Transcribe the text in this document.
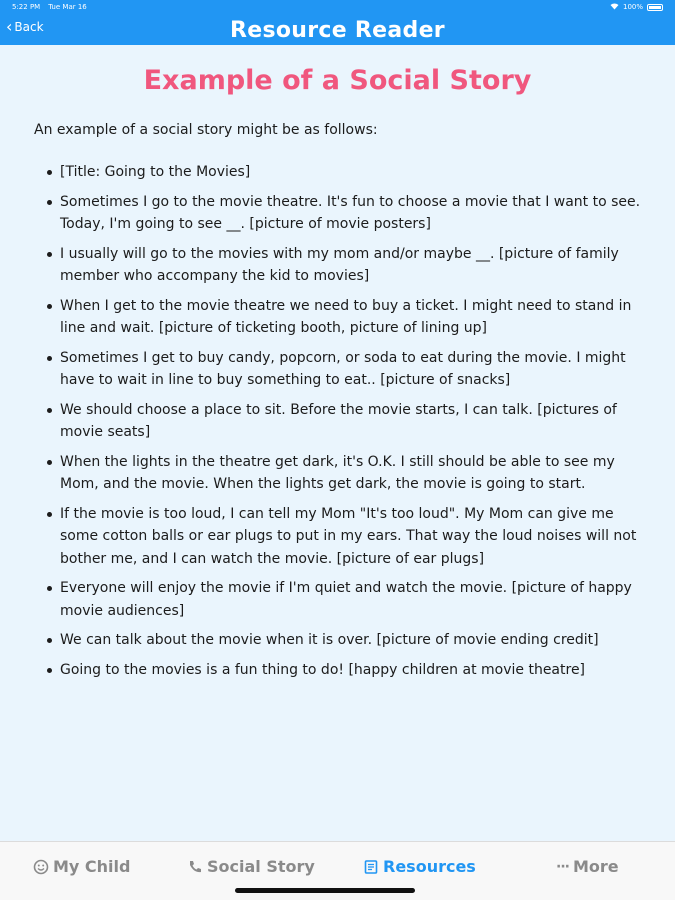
5:22 PM Tue Mar 16	100%
‹ Back	Resource Reader
Example of a Social Story
An example of a social story might be as follows:
[Title: Going to the Movies]
Sometimes I go to the movie theatre. It's fun to choose a movie that I want to see. Today, I'm going to see __. [picture of movie posters]
I usually will go to the movies with my mom and/or maybe __. [picture of family member who accompany the kid to movies]
When I get to the movie theatre we need to buy a ticket. I might need to stand in line and wait. [picture of ticketing booth, picture of lining up]
Sometimes I get to buy candy, popcorn, or soda to eat during the movie. I might have to wait in line to buy something to eat.. [picture of snacks]
We should choose a place to sit. Before the movie starts, I can talk. [pictures of movie seats]
When the lights in the theatre get dark, it's O.K. I still should be able to see my Mom, and the movie. When the lights get dark, the movie is going to start.
If the movie is too loud, I can tell my Mom "It's too loud". My Mom can give me some cotton balls or ear plugs to put in my ears. That way the loud noises will not bother me, and I can watch the movie. [picture of ear plugs]
Everyone will enjoy the movie if I'm quiet and watch the movie. [picture of happy movie audiences]
We can talk about the movie when it is over. [picture of movie ending credit]
Going to the movies is a fun thing to do! [happy children at movie theatre]
My Child	Social Story	Resources	··· More
